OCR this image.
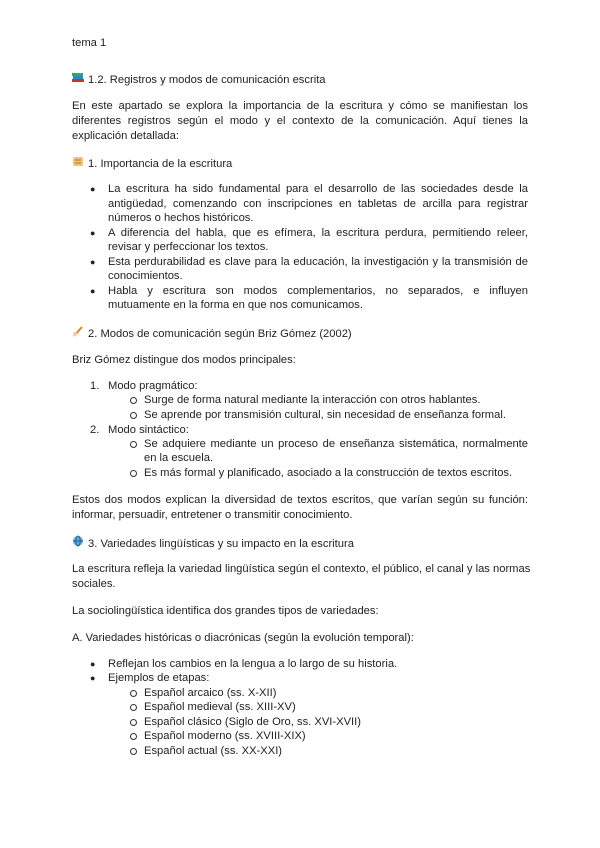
tema 1
1.2. Registros y modos de comunicación escrita
En este apartado se explora la importancia de la escritura y cómo se manifiestan los
diferentes registros según el modo y el contexto de la comunicación. Aquí tienes la
explicación detallada:
1. Importancia de la escritura
● La escritura ha sido fundamental para el desarrollo de las sociedades desde la
antigüedad, comenzando con inscripciones en tabletas de arcilla para registrar
números o hechos históricos.
● A diferencia del habla, que es efímera, la escritura perdura, permitiendo releer,
revisar y perfeccionar los textos.
● Esta perdurabilidad es clave para la educación, la investigación y la transmisión de
conocimientos.
● Habla y escritura son modos complementarios, no separados, e influyen
mutuamente en la forma en que nos comunicamos.
2. Modos de comunicación según Briz Gómez (2002)
Briz Gómez distingue dos modos principales:
1. Modo pragmático:
Surge de forma natural mediante la interacción con otros hablantes.
Se aprende por transmisión cultural, sin necesidad de enseñanza formal.
2. Modo sintáctico:
Se adquiere mediante un proceso de enseñanza sistemática, normalmente
en la escuela.
Es más formal y planificado, asociado a la construcción de textos escritos.
Estos dos modos explican la diversidad de textos escritos, que varían según su función:
informar, persuadir, entretener o transmitir conocimiento.
3. Variedades lingüísticas y su impacto en la escritura
La escritura refleja la variedad lingüística según el contexto, el público, el canal y las normas
sociales.
La sociolingüística identifica dos grandes tipos de variedades:
A. Variedades históricas o diacrónicas (según la evolución temporal):
● Reflejan los cambios en la lengua a lo largo de su historia.
● Ejemplos de etapas:
Español arcaico (ss. X-XII)
Español medieval (ss. XIII-XV)
Español clásico (Siglo de Oro, ss. XVI-XVII)
Español moderno (ss. XVIII-XIX)
Español actual (ss. XX-XXI)
